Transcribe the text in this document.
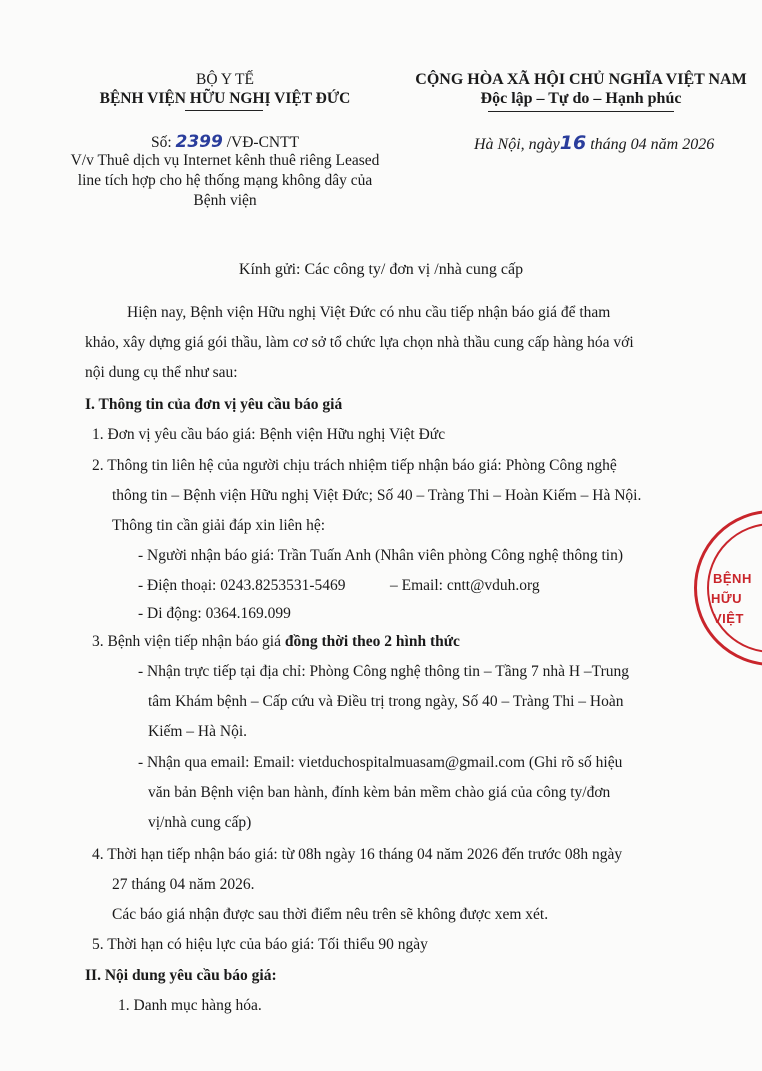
BỘ Y TẾ
BỆNH VIỆN HỮU NGHỊ VIỆT ĐỨC
CỘNG HÒA XÃ HỘI CHỦ NGHĨA VIỆT NAM
Độc lập – Tự do – Hạnh phúc
Số: 2399 /VĐ-CNTT
V/v Thuê dịch vụ Internet kênh thuê riêng Leased
line tích hợp cho hệ thống mạng không dây của
Bệnh viện
Hà Nội, ngày16 tháng 04 năm 2026
Kính gửi: Các công ty/ đơn vị /nhà cung cấp
Hiện nay, Bệnh viện Hữu nghị Việt Đức có nhu cầu tiếp nhận báo giá để tham
khảo, xây dựng giá gói thầu, làm cơ sở tổ chức lựa chọn nhà thầu cung cấp hàng hóa với
nội dung cụ thể như sau:
I. Thông tin của đơn vị yêu cầu báo giá
1. Đơn vị yêu cầu báo giá: Bệnh viện Hữu nghị Việt Đức
2. Thông tin liên hệ của người chịu trách nhiệm tiếp nhận báo giá: Phòng Công nghệ
thông tin – Bệnh viện Hữu nghị Việt Đức; Số 40 – Tràng Thi – Hoàn Kiếm – Hà Nội.
Thông tin cần giải đáp xin liên hệ:
- Người nhận báo giá: Trần Tuấn Anh (Nhân viên phòng Công nghệ thông tin)
- Điện thoại: 0243.8253531-5469	– Email: cntt@vduh.org
- Di động: 0364.169.099
3. Bệnh viện tiếp nhận báo giá đồng thời theo 2 hình thức
- Nhận trực tiếp tại địa chỉ: Phòng Công nghệ thông tin – Tầng 7 nhà H –Trung
tâm Khám bệnh – Cấp cứu và Điều trị trong ngày, Số 40 – Tràng Thi – Hoàn
Kiếm – Hà Nội.
- Nhận qua email: Email: vietduchospitalmuasam@gmail.com (Ghi rõ số hiệu
văn bản Bệnh viện ban hành, đính kèm bản mềm chào giá của công ty/đơn
vị/nhà cung cấp)
4. Thời hạn tiếp nhận báo giá: từ 08h ngày 16 tháng 04 năm 2026 đến trước 08h ngày
27 tháng 04 năm 2026.
Các báo giá nhận được sau thời điểm nêu trên sẽ không được xem xét.
5. Thời hạn có hiệu lực của báo giá: Tối thiểu 90 ngày
II. Nội dung yêu cầu báo giá:
1. Danh mục hàng hóa.
BỆNH
HỮU
VIỆT
